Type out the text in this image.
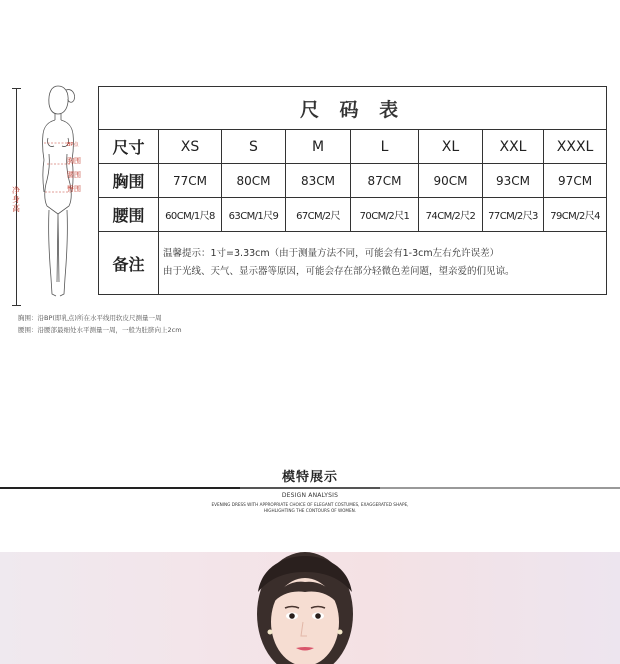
净身高
BP点
胸围
腰围
臀围
尺 码 表							
尺寸	XS	S	M	L	XL	XXL	XXXL
胸围	77CM	80CM	83CM	87CM	90CM	93CM	97CM
腰围	60CM/1尺8	63CM/1尺9	67CM/2尺	70CM/2尺1	74CM/2尺2	77CM/2尺3	79CM/2尺4
备注	温馨提示：1寸=3.33cm（由于测量方法不同，可能会有1-3cm左右允许误差）
由于光线、天气、显示器等原因，可能会存在部分轻微色差问题，望亲爱的们见谅。						
胸围：沿BP(即乳点)所在水平线用软皮尺测量一周
腰围：沿腰部最细处水平测量一周，一般为肚脐向上2cm
模特展示
DESIGN ANALYSIS
EVENING DRESS WITH APPROPRIATE CHOICE OF ELEGANT COSTUMES, EXAGGERATED SHAPE,
HIGHLIGHTING THE CONTOURS OF WOMEN.
